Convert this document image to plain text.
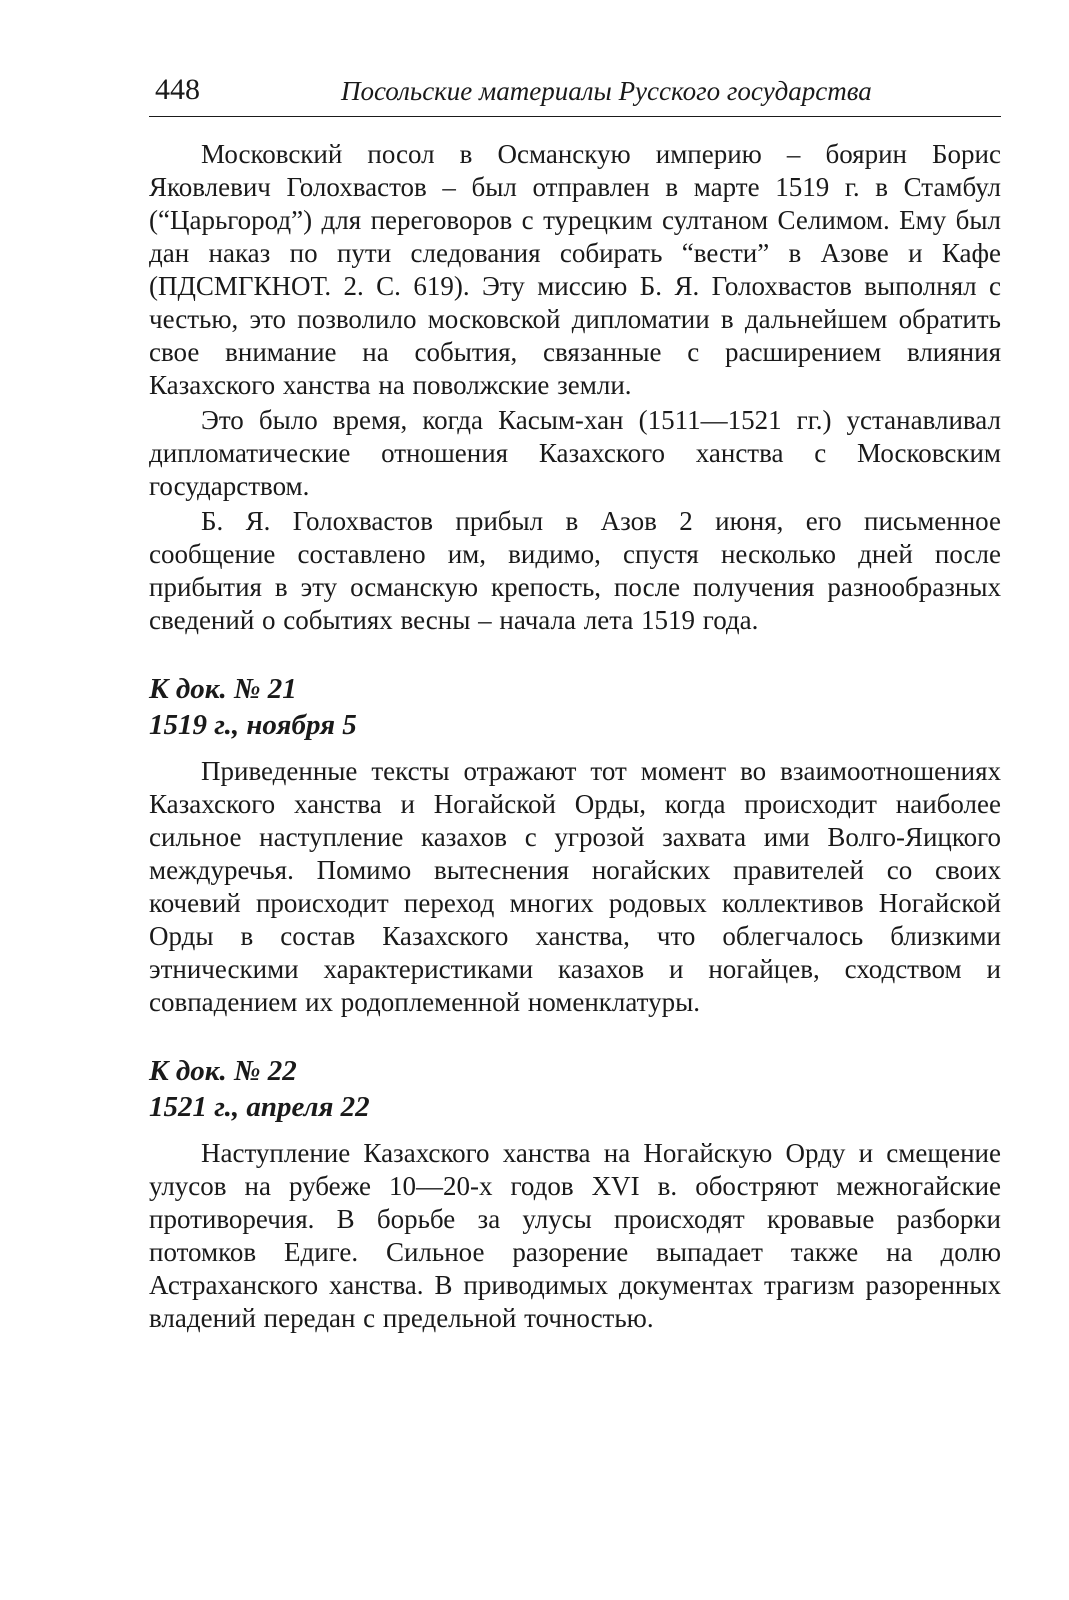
448	Посольские материалы Русского государства

Московский посол в Османскую империю – боярин Борис Яковлевич Голохвастов – был отправлен в марте 1519 г. в Стамбул (“Царьгород”) для переговоров с турецким султаном Селимом. Ему был дан наказ по пути следования собирать “вести” в Азове и Кафе (ПДСМГКНОТ. 2. С. 619). Эту миссию Б. Я. Голохвастов выполнял с честью, это позволило московской дипломатии в дальнейшем обратить свое внимание на события, связанные с расширением влияния Казахского ханства на поволжские земли.

Это было время, когда Касым-хан (1511—1521 гг.) устанавливал дипломатические отношения Казахского ханства с Московским государством.

Б. Я. Голохвастов прибыл в Азов 2 июня, его письменное сообщение составлено им, видимо, спустя несколько дней после прибытия в эту османскую крепость, после получения разнообразных сведений о событиях весны – начала лета 1519 года.

К док. № 21

1519 г., ноября 5

Приведенные тексты отражают тот момент во взаимоотношениях Казахского ханства и Ногайской Орды, когда происходит наиболее сильное наступление казахов с угрозой захвата ими Волго-Яицкого междуречья. Помимо вытеснения ногайских правителей со своих кочевий происходит переход многих родовых коллективов Ногайской Орды в состав Казахского ханства, что облегчалось близкими этническими характеристиками казахов и ногайцев, сходством и совпадением их родоплеменной номенклатуры.

К док. № 22

1521 г., апреля 22

Наступление Казахского ханства на Ногайскую Орду и смещение улусов на рубеже 10—20-х годов XVI в. обостряют межногайские противоречия. В борьбе за улусы происходят кровавые разборки потомков Едиге. Сильное разорение выпадает также на долю Астраханского ханства. В приводимых документах трагизм разоренных владений передан с предельной точностью.
